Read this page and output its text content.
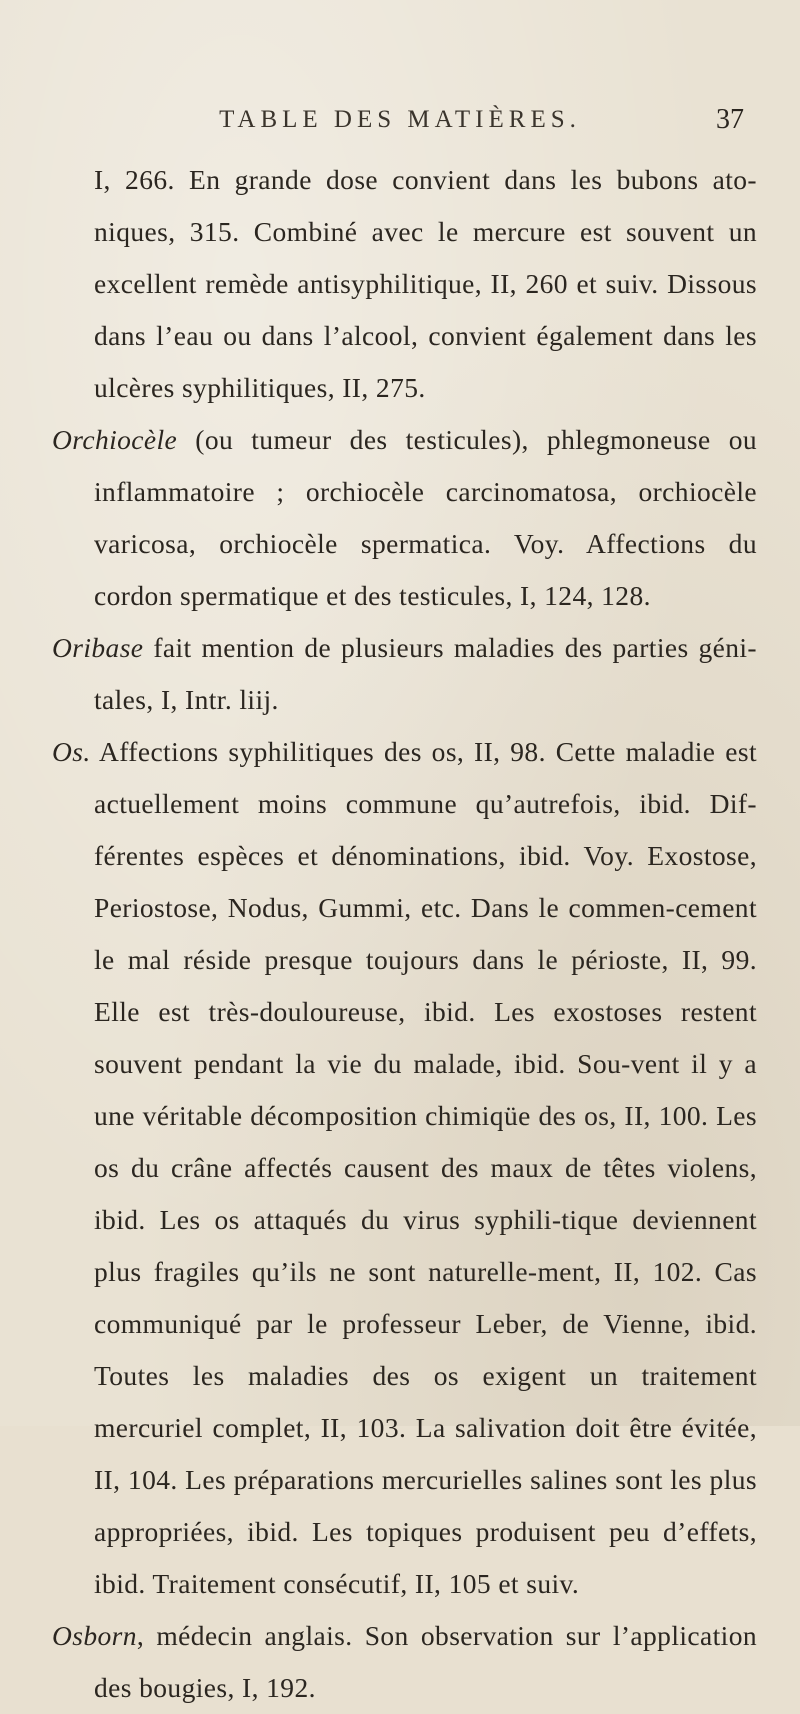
TABLE DES MATIÈRES.	37

I, 266. En grande dose convient dans les bubons ato-niques, 315. Combiné avec le mercure est souvent un excellent remède antisyphilitique, II, 260 et suiv. Dissous dans l’eau ou dans l’alcool, convient également dans les ulcères syphilitiques, II, 275.

Orchiocèle (ou tumeur des testicules), phlegmoneuse ou inflammatoire ; orchiocèle carcinomatosa, orchiocèle varicosa, orchiocèle spermatica. Voy. Affections du cordon spermatique et des testicules, I, 124, 128.

Oribase fait mention de plusieurs maladies des parties géni-tales, I, Intr. liij.

Os. Affections syphilitiques des os, II, 98. Cette maladie est actuellement moins commune qu’autrefois, ibid. Dif-férentes espèces et dénominations, ibid. Voy. Exostose, Periostose, Nodus, Gummi, etc. Dans le commen-cement le mal réside presque toujours dans le périoste, II, 99. Elle est très-douloureuse, ibid. Les exostoses restent souvent pendant la vie du malade, ibid. Sou-vent il y a une véritable décomposition chimiqüe des os, II, 100. Les os du crâne affectés causent des maux de têtes violens, ibid. Les os attaqués du virus syphili-tique deviennent plus fragiles qu’ils ne sont naturelle-ment, II, 102. Cas communiqué par le professeur Leber, de Vienne, ibid. Toutes les maladies des os exigent un traitement mercuriel complet, II, 103. La salivation doit être évitée, II, 104. Les préparations mercurielles salines sont les plus appropriées, ibid. Les topiques produisent peu d’effets, ibid. Traitement consécutif, II, 105 et suiv.

Osborn, médecin anglais. Son observation sur l’application des bougies, I, 192.
